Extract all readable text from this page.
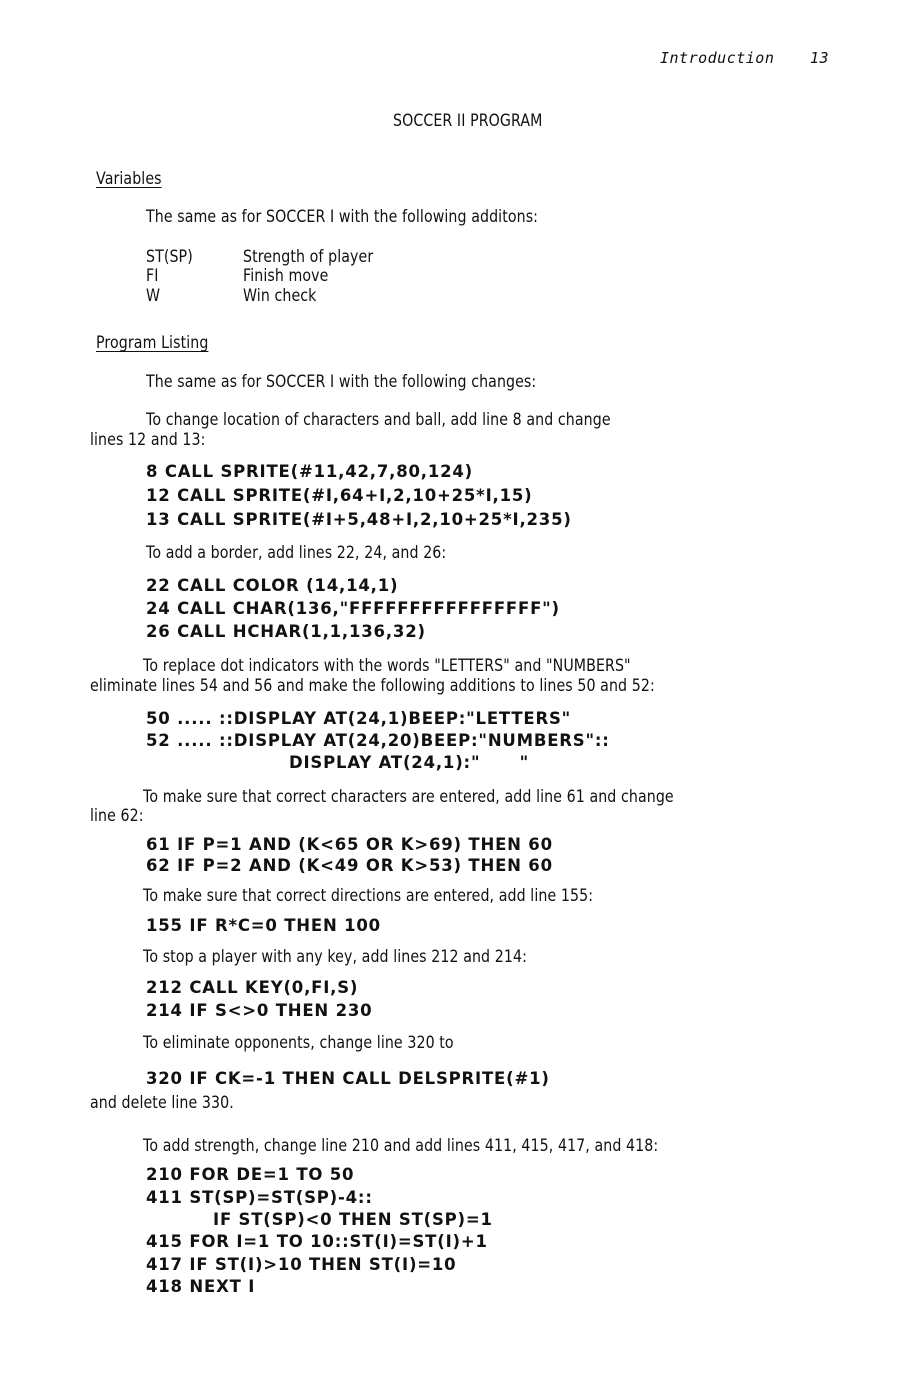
Introduction 13
SOCCER II PROGRAM
Variables
The same as for SOCCER I with the following additons:
ST(SP)	Strength of player
FI	Finish move
W	Win check
Program Listing
The same as for SOCCER I with the following changes:
To change location of characters and ball, add line 8 and change
lines 12 and 13:
8 CALL SPRITE(#11,42,7,80,124)
12 CALL SPRITE(#I,64+I,2,10+25*I,15)
13 CALL SPRITE(#I+5,48+I,2,10+25*I,235)
To add a border, add lines 22, 24, and 26:
22 CALL COLOR (14,14,1)
24 CALL CHAR(136,"FFFFFFFFFFFFFFFF")
26 CALL HCHAR(1,1,136,32)
To replace dot indicators with the words "LETTERS" and "NUMBERS"
eliminate lines 54 and 56 and make the following additions to lines 50 and 52:
50 ..... ::DISPLAY AT(24,1)BEEP:"LETTERS"
52 ..... ::DISPLAY AT(24,20)BEEP:"NUMBERS"::
DISPLAY AT(24,1):"      "
To make sure that correct characters are entered, add line 61 and change
line 62:
61 IF P=1 AND (K<65 OR K>69) THEN 60
62 IF P=2 AND (K<49 OR K>53) THEN 60
To make sure that correct directions are entered, add line 155:
155 IF R*C=0 THEN 100
To stop a player with any key, add lines 212 and 214:
212 CALL KEY(0,FI,S)
214 IF S<>0 THEN 230
To eliminate opponents, change line 320 to
320 IF CK=-1 THEN CALL DELSPRITE(#1)
and delete line 330.
To add strength, change line 210 and add lines 411, 415, 417, and 418:
210 FOR DE=1 TO 50
411 ST(SP)=ST(SP)-4::
IF ST(SP)<0 THEN ST(SP)=1
415 FOR I=1 TO 10::ST(I)=ST(I)+1
417 IF ST(I)>10 THEN ST(I)=10
418 NEXT I
